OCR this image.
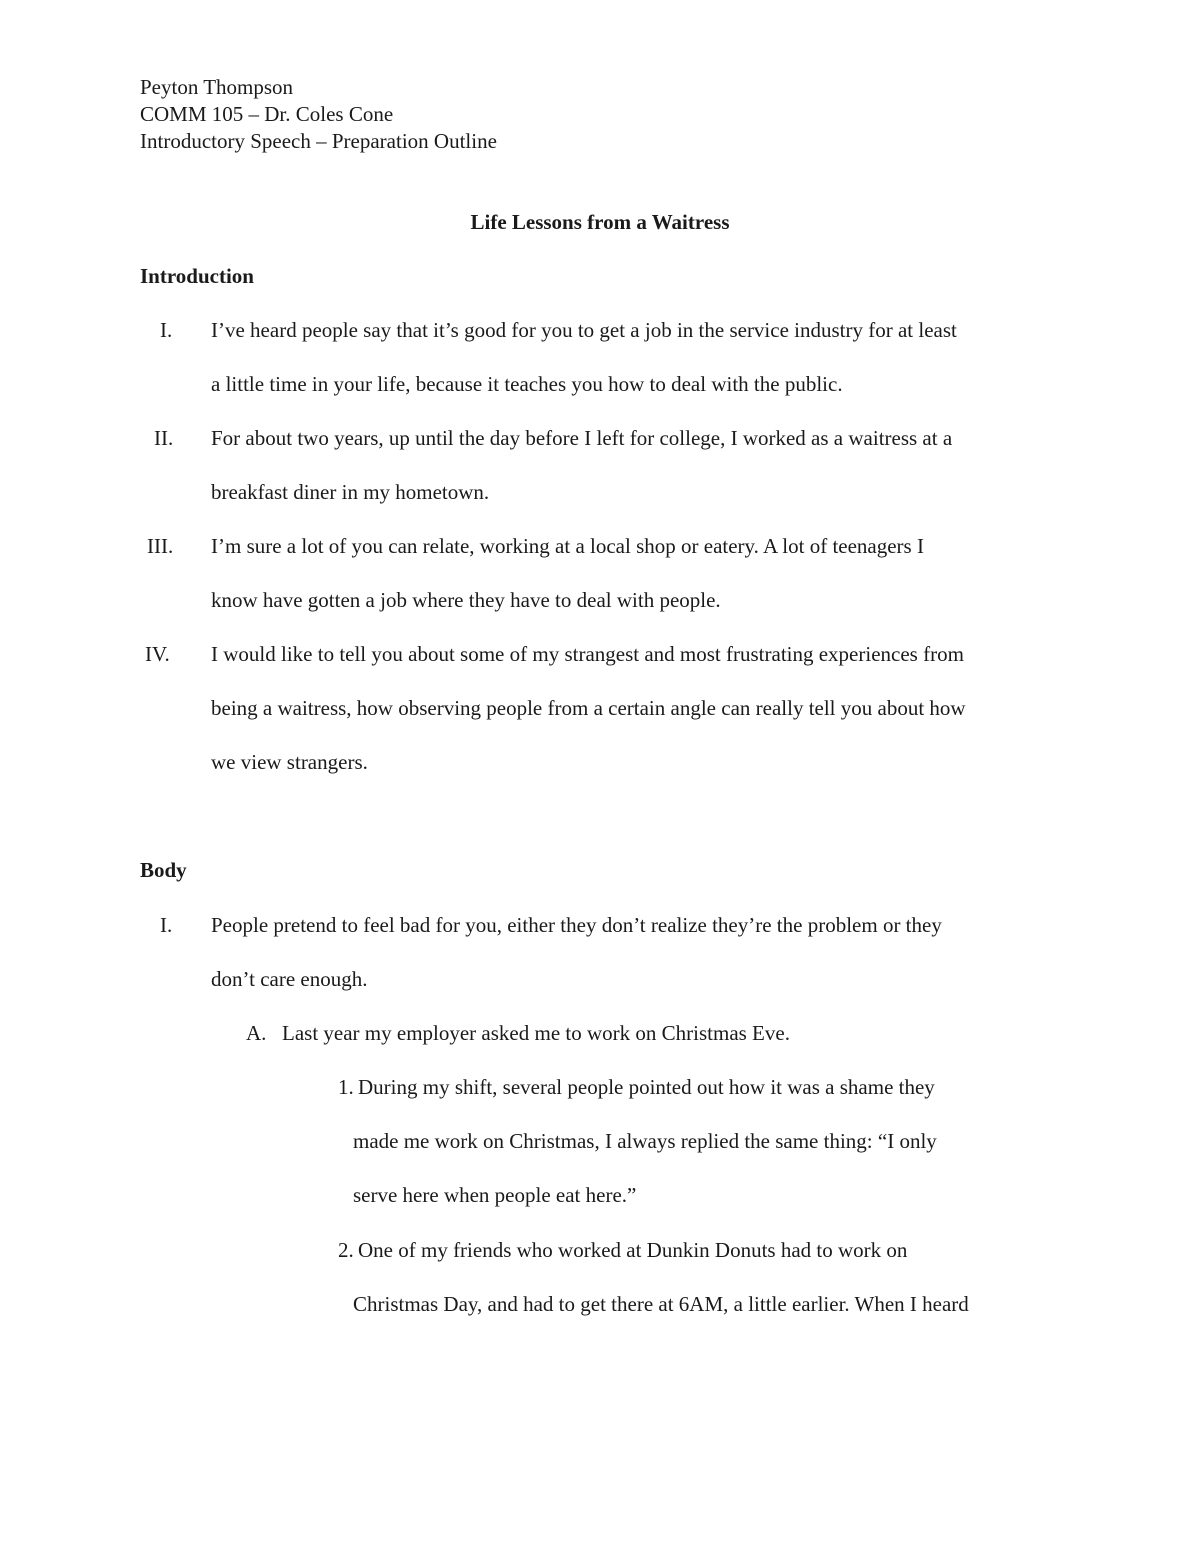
Peyton Thompson
COMM 105 – Dr. Coles Cone
Introductory Speech – Preparation Outline
Life Lessons from a Waitress
Introduction
I. I’ve heard people say that it’s good for you to get a job in the service industry for at least
a little time in your life, because it teaches you how to deal with the public.
II. For about two years, up until the day before I left for college, I worked as a waitress at a
breakfast diner in my hometown.
III. I’m sure a lot of you can relate, working at a local shop or eatery. A lot of teenagers I
know have gotten a job where they have to deal with people.
IV. I would like to tell you about some of my strangest and most frustrating experiences from
being a waitress, how observing people from a certain angle can really tell you about how
we view strangers.
Body
I. People pretend to feel bad for you, either they don’t realize they’re the problem or they
don’t care enough.
A. Last year my employer asked me to work on Christmas Eve.
1. During my shift, several people pointed out how it was a shame they
made me work on Christmas, I always replied the same thing: “I only
serve here when people eat here.”
2. One of my friends who worked at Dunkin Donuts had to work on
Christmas Day, and had to get there at 6AM, a little earlier. When I heard
